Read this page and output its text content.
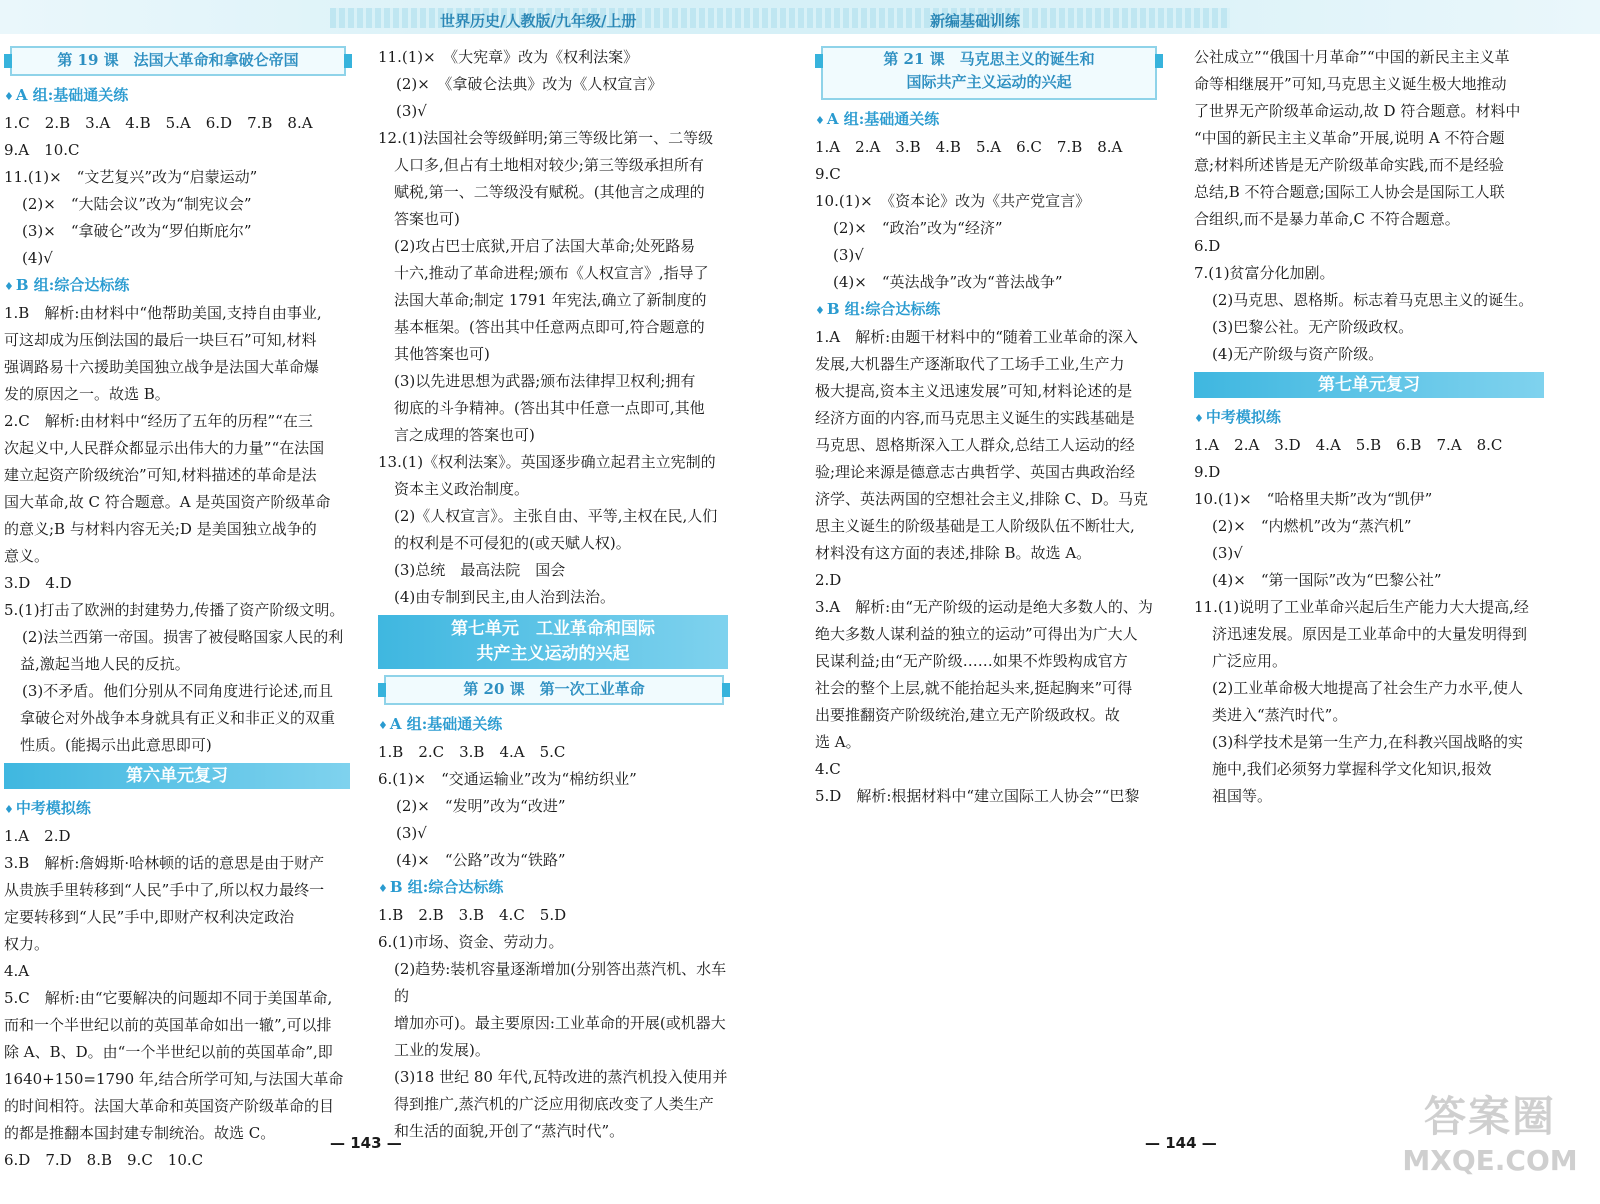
世界历史/人教版/九年级/上册	新编基础训练
第 19 课　法国大革命和拿破仑帝国

♦ A 组:基础通关练

1.C　2.B　3.A　4.B　5.A　6.D　7.B　8.A

9.A　10.C

11.(1)×　“文艺复兴”改为“启蒙运动”

(2)×　“大陆会议”改为“制宪议会”

(3)×　“拿破仑”改为“罗伯斯庇尔”

(4)√

♦ B 组:综合达标练

1.B　解析:由材料中“他帮助美国,支持自由事业,

可这却成为压倒法国的最后一块巨石”可知,材料

强调路易十六援助美国独立战争是法国大革命爆

发的原因之一。故选 B。

2.C　解析:由材料中“经历了五年的历程”“在三

次起义中,人民群众都显示出伟大的力量”“在法国

建立起资产阶级统治”可知,材料描述的革命是法

国大革命,故 C 符合题意。A 是英国资产阶级革命

的意义;B 与材料内容无关;D 是美国独立战争的

意义。

3.D　4.D

5.(1)打击了欧洲的封建势力,传播了资产阶级文明。

(2)法兰西第一帝国。损害了被侵略国家人民的利

益,激起当地人民的反抗。

(3)不矛盾。他们分别从不同角度进行论述,而且

拿破仑对外战争本身就具有正义和非正义的双重

性质。(能揭示出此意思即可)

第六单元复习

♦ 中考模拟练

1.A　2.D

3.B　解析:詹姆斯·哈林顿的话的意思是由于财产

从贵族手里转移到“人民”手中了,所以权力最终一

定要转移到“人民”手中,即财产权利决定政治

权力。

4.A

5.C　解析:由“它要解决的问题却不同于美国革命,

而和一个半世纪以前的英国革命如出一辙”,可以排

除 A、B、D。由“一个半世纪以前的英国革命”,即

1640+150=1790 年,结合所学可知,与法国大革命

的时间相符。法国大革命和英国资产阶级革命的目

的都是推翻本国封建专制统治。故选 C。

6.D　7.D　8.B　9.C　10.C

11.(1)×　《大宪章》改为《权利法案》

(2)×　《拿破仑法典》改为《人权宣言》

(3)√

12.(1)法国社会等级鲜明;第三等级比第一、二等级

人口多,但占有土地相对较少;第三等级承担所有

赋税,第一、二等级没有赋税。(其他言之成理的

答案也可)

(2)攻占巴士底狱,开启了法国大革命;处死路易

十六,推动了革命进程;颁布《人权宣言》,指导了

法国大革命;制定 1791 年宪法,确立了新制度的

基本框架。(答出其中任意两点即可,符合题意的

其他答案也可)

(3)以先进思想为武器;颁布法律捍卫权利;拥有

彻底的斗争精神。(答出其中任意一点即可,其他

言之成理的答案也可)

13.(1)《权利法案》。英国逐步确立起君主立宪制的

资本主义政治制度。

(2)《人权宣言》。主张自由、平等,主权在民,人们

的权利是不可侵犯的(或天赋人权)。

(3)总统　最高法院　国会

(4)由专制到民主,由人治到法治。

第七单元　工业革命和国际
共产主义运动的兴起
第 20 课　第一次工业革命

♦ A 组:基础通关练

1.B　2.C　3.B　4.A　5.C

6.(1)×　“交通运输业”改为“棉纺织业”

(2)×　“发明”改为“改进”

(3)√

(4)×　“公路”改为“铁路”

♦ B 组:综合达标练

1.B　2.B　3.B　4.C　5.D

6.(1)市场、资金、劳动力。

(2)趋势:装机容量逐渐增加(分别答出蒸汽机、水车的

增加亦可)。最主要原因:工业革命的开展(或机器大

工业的发展)。

(3)18 世纪 80 年代,瓦特改进的蒸汽机投入使用并

得到推广,蒸汽机的广泛应用彻底改变了人类生产

和生活的面貌,开创了“蒸汽时代”。

第 21 课　马克思主义的诞生和
国际共产主义运动的兴起

♦ A 组:基础通关练

1.A　2.A　3.B　4.B　5.A　6.C　7.B　8.A

9.C

10.(1)×　《资本论》改为《共产党宣言》

(2)×　“政治”改为“经济”

(3)√

(4)×　“英法战争”改为“普法战争”

♦ B 组:综合达标练

1.A　解析:由题干材料中的“随着工业革命的深入

发展,大机器生产逐渐取代了工场手工业,生产力

极大提高,资本主义迅速发展”可知,材料论述的是

经济方面的内容,而马克思主义诞生的实践基础是

马克思、恩格斯深入工人群众,总结工人运动的经

验;理论来源是德意志古典哲学、英国古典政治经

济学、英法两国的空想社会主义,排除 C、D。马克

思主义诞生的阶级基础是工人阶级队伍不断壮大,

材料没有这方面的表述,排除 B。故选 A。

2.D

3.A　解析:由“无产阶级的运动是绝大多数人的、为

绝大多数人谋利益的独立的运动”可得出为广大人

民谋利益;由“无产阶级……如果不炸毁构成官方

社会的整个上层,就不能抬起头来,挺起胸来”可得

出要推翻资产阶级统治,建立无产阶级政权。故

选 A。

4.C

5.D　解析:根据材料中“建立国际工人协会”“巴黎

公社成立”“俄国十月革命”“中国的新民主主义革

命等相继展开”可知,马克思主义诞生极大地推动

了世界无产阶级革命运动,故 D 符合题意。材料中

“中国的新民主主义革命”开展,说明 A 不符合题

意;材料所述皆是无产阶级革命实践,而不是经验

总结,B 不符合题意;国际工人协会是国际工人联

合组织,而不是暴力革命,C 不符合题意。

6.D

7.(1)贫富分化加剧。

(2)马克思、恩格斯。标志着马克思主义的诞生。

(3)巴黎公社。无产阶级政权。

(4)无产阶级与资产阶级。

第七单元复习

♦ 中考模拟练

1.A　2.A　3.D　4.A　5.B　6.B　7.A　8.C

9.D

10.(1)×　“哈格里夫斯”改为“凯伊”

(2)×　“内燃机”改为“蒸汽机”

(3)√

(4)×　“第一国际”改为“巴黎公社”

11.(1)说明了工业革命兴起后生产能力大大提高,经

济迅速发展。原因是工业革命中的大量发明得到

广泛应用。

(2)工业革命极大地提高了社会生产力水平,使人

类进入“蒸汽时代”。

(3)科学技术是第一生产力,在科教兴国战略的实

施中,我们必须努力掌握科学文化知识,报效

祖国等。

— 143 —	— 144 —
答案圈
MXQE.COM
